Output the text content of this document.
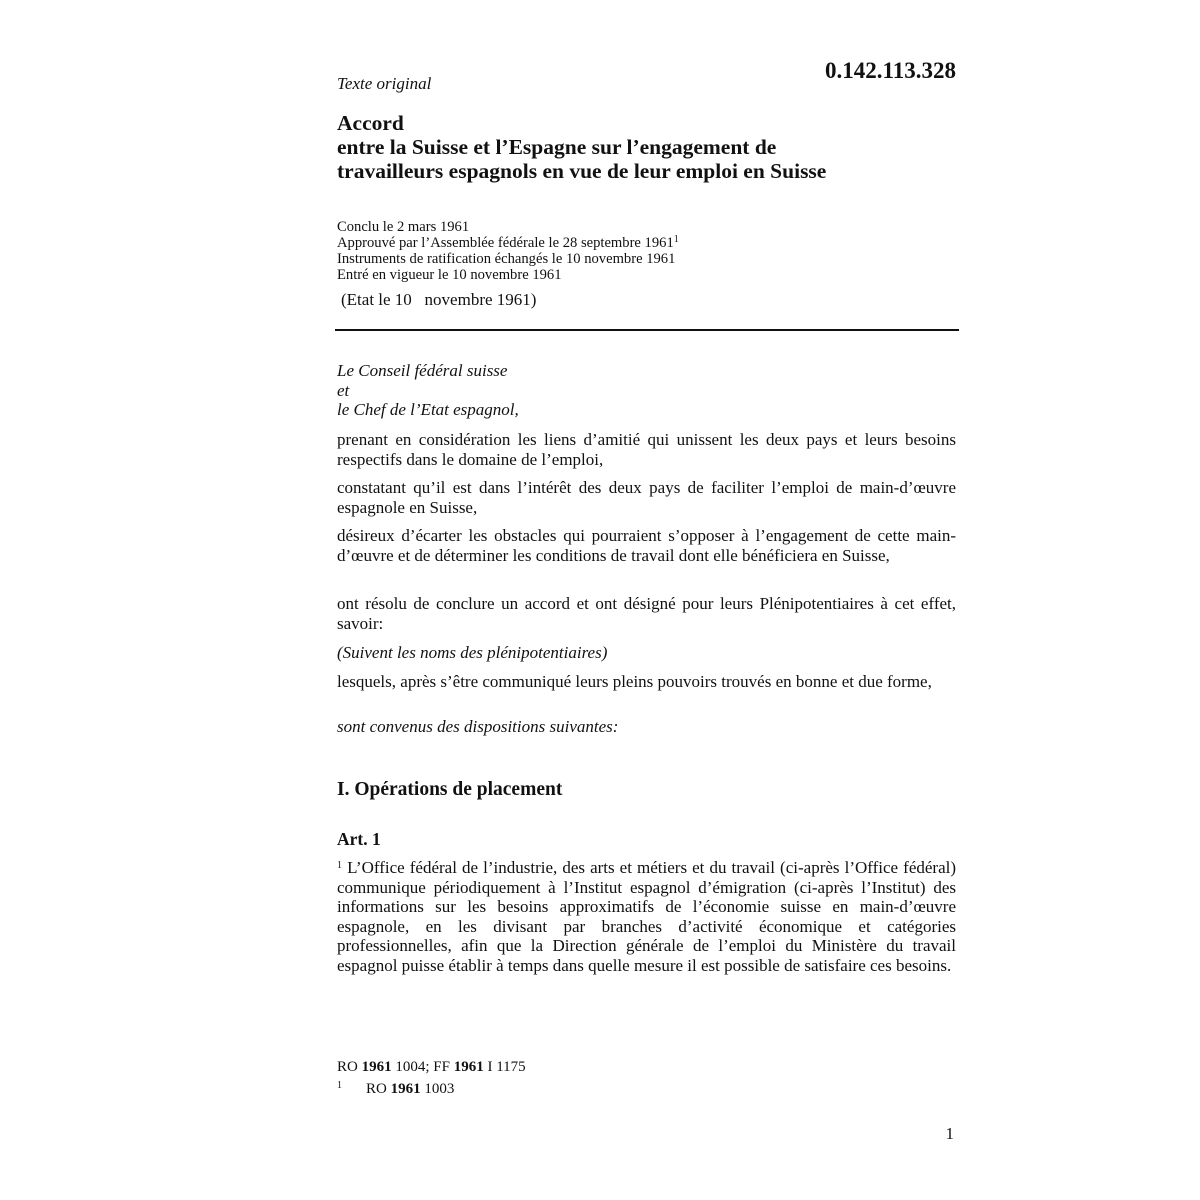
Texte original
0.142.113.328
Accord
entre la Suisse et l’Espagne sur l’engagement de
travailleurs espagnols en vue de leur emploi en Suisse
Conclu le 2 mars 1961
Approuvé par l’Assemblée fédérale le 28 septembre 1961$^1$
Instruments de ratification échangés le 10 novembre 1961
Entré en vigueur le 10 novembre 1961
(Etat le 10   novembre 1961)
Le Conseil fédéral suisse
et
le Chef de l’Etat espagnol,
prenant en considération les liens d’amitié qui unissent les deux pays et leurs besoins respectifs dans le domaine de l’emploi,
constatant qu’il est dans l’intérêt des deux pays de faciliter l’emploi de main-d’œuvre espagnole en Suisse,
désireux d’écarter les obstacles qui pourraient s’opposer à l’engagement de cette main-d’œuvre et de déterminer les conditions de travail dont elle bénéficiera en Suisse,
ont résolu de conclure un accord et ont désigné pour leurs Plénipotentiaires à cet effet, savoir:
(Suivent les noms des plénipotentiaires)
lesquels, après s’être communiqué leurs pleins pouvoirs trouvés en bonne et due forme,
sont convenus des dispositions suivantes:
I. Opérations de placement
Art. 1
$^1$ L’Office fédéral de l’industrie, des arts et métiers et du travail (ci-après l’Office fédéral) communique périodiquement à l’Institut espagnol d’émigration (ci-après l’Institut) des informations sur les besoins approximatifs de l’économie suisse en main-d’œuvre espagnole, en les divisant par branches d’activité économique et catégories professionnelles, afin que la Direction générale de l’emploi du Ministère du travail espagnol puisse établir à temps dans quelle mesure il est possible de satisfaire ces besoins.
RO 1961 1004; FF 1961 I 1175
$^1$ RO 1961 1003
1
